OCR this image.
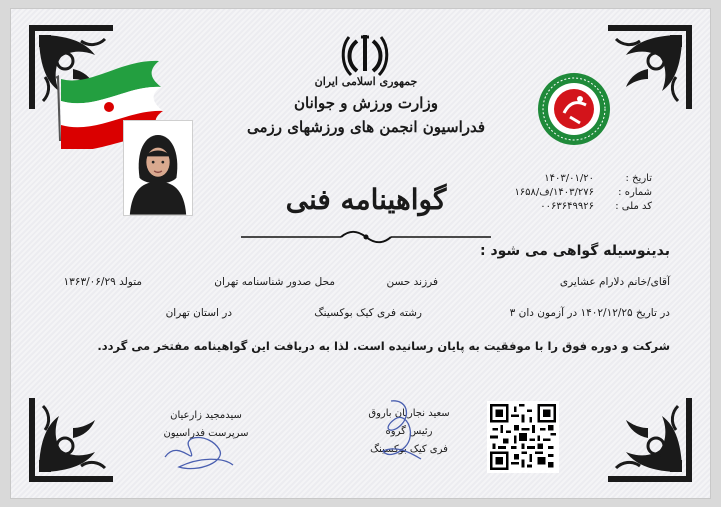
جمهوری اسلامی ایران
وزارت ورزش و جوانان
فدراسیون انجمن های ورزشهای رزمی
تاریخ :
۱۴۰۳/۰۱/۲۰
شماره :
۱۴۰۳/۲۷۶/ف/۱۶۵۸
کد ملی :
۰۰۶۳۶۴۹۹۲۶
گواهینامه فنی
بدینوسیله گواهی می شود :
آقای/خانم دلارام عشایری
فرزند حسن
محل صدور شناسنامه تهران
متولد ۱۳۶۳/۰۶/۲۹
در تاریخ ۱۴۰۲/۱۲/۲۵ در آزمون دان ۳
رشته فری کیک بوکسینگ
در استان تهران
شرکت و دوره فوق را با موفقیت به پایان رسانیده است. لذا به دریافت این گواهینامه مفتخر می گردد.
سیدمجید زارعیان
سرپرست فدراسیون
سعید نجاریان باروق
رئیس گروه
فری کیک بوکسینگ
